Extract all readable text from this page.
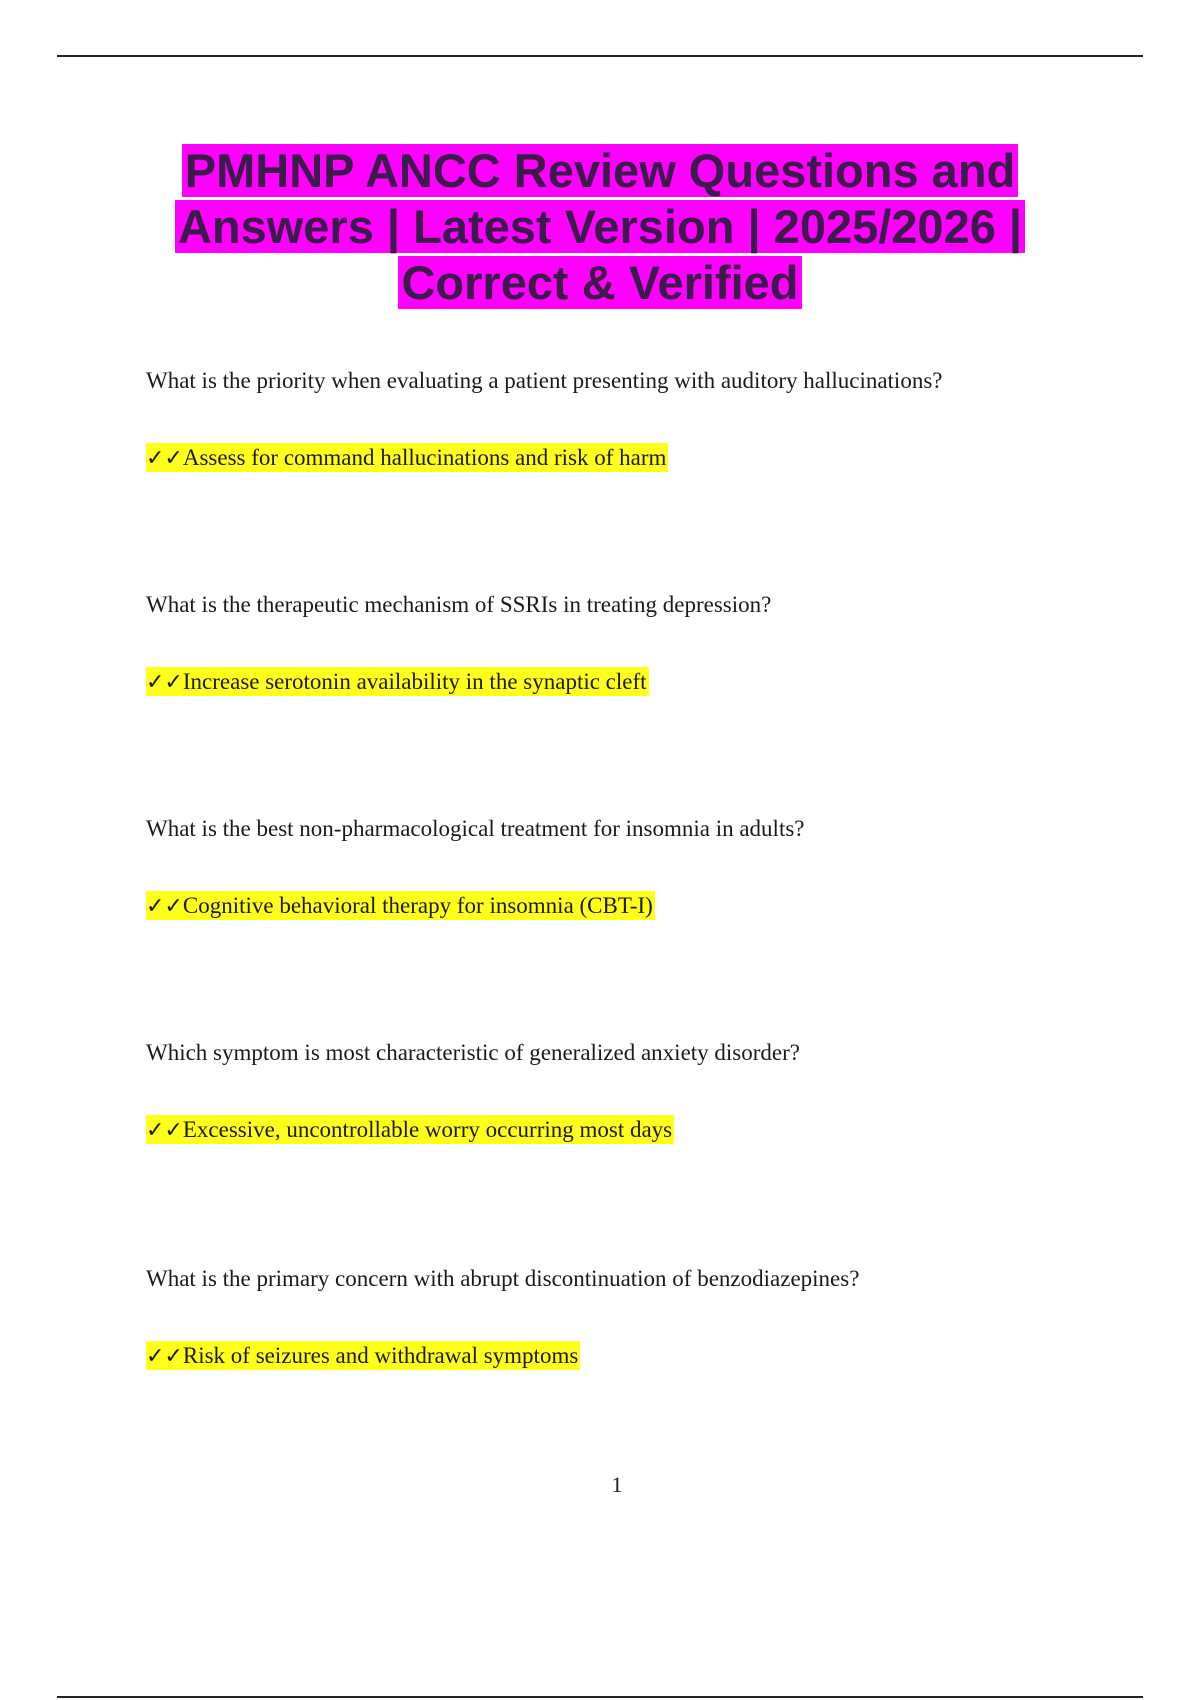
PMHNP ANCC Review Questions and Answers | Latest Version | 2025/2026 | Correct & Verified

What is the priority when evaluating a patient presenting with auditory hallucinations?

✓✓Assess for command hallucinations and risk of harm

What is the therapeutic mechanism of SSRIs in treating depression?

✓✓Increase serotonin availability in the synaptic cleft

What is the best non-pharmacological treatment for insomnia in adults?

✓✓Cognitive behavioral therapy for insomnia (CBT-I)

Which symptom is most characteristic of generalized anxiety disorder?

✓✓Excessive, uncontrollable worry occurring most days

What is the primary concern with abrupt discontinuation of benzodiazepines?

✓✓Risk of seizures and withdrawal symptoms
1
